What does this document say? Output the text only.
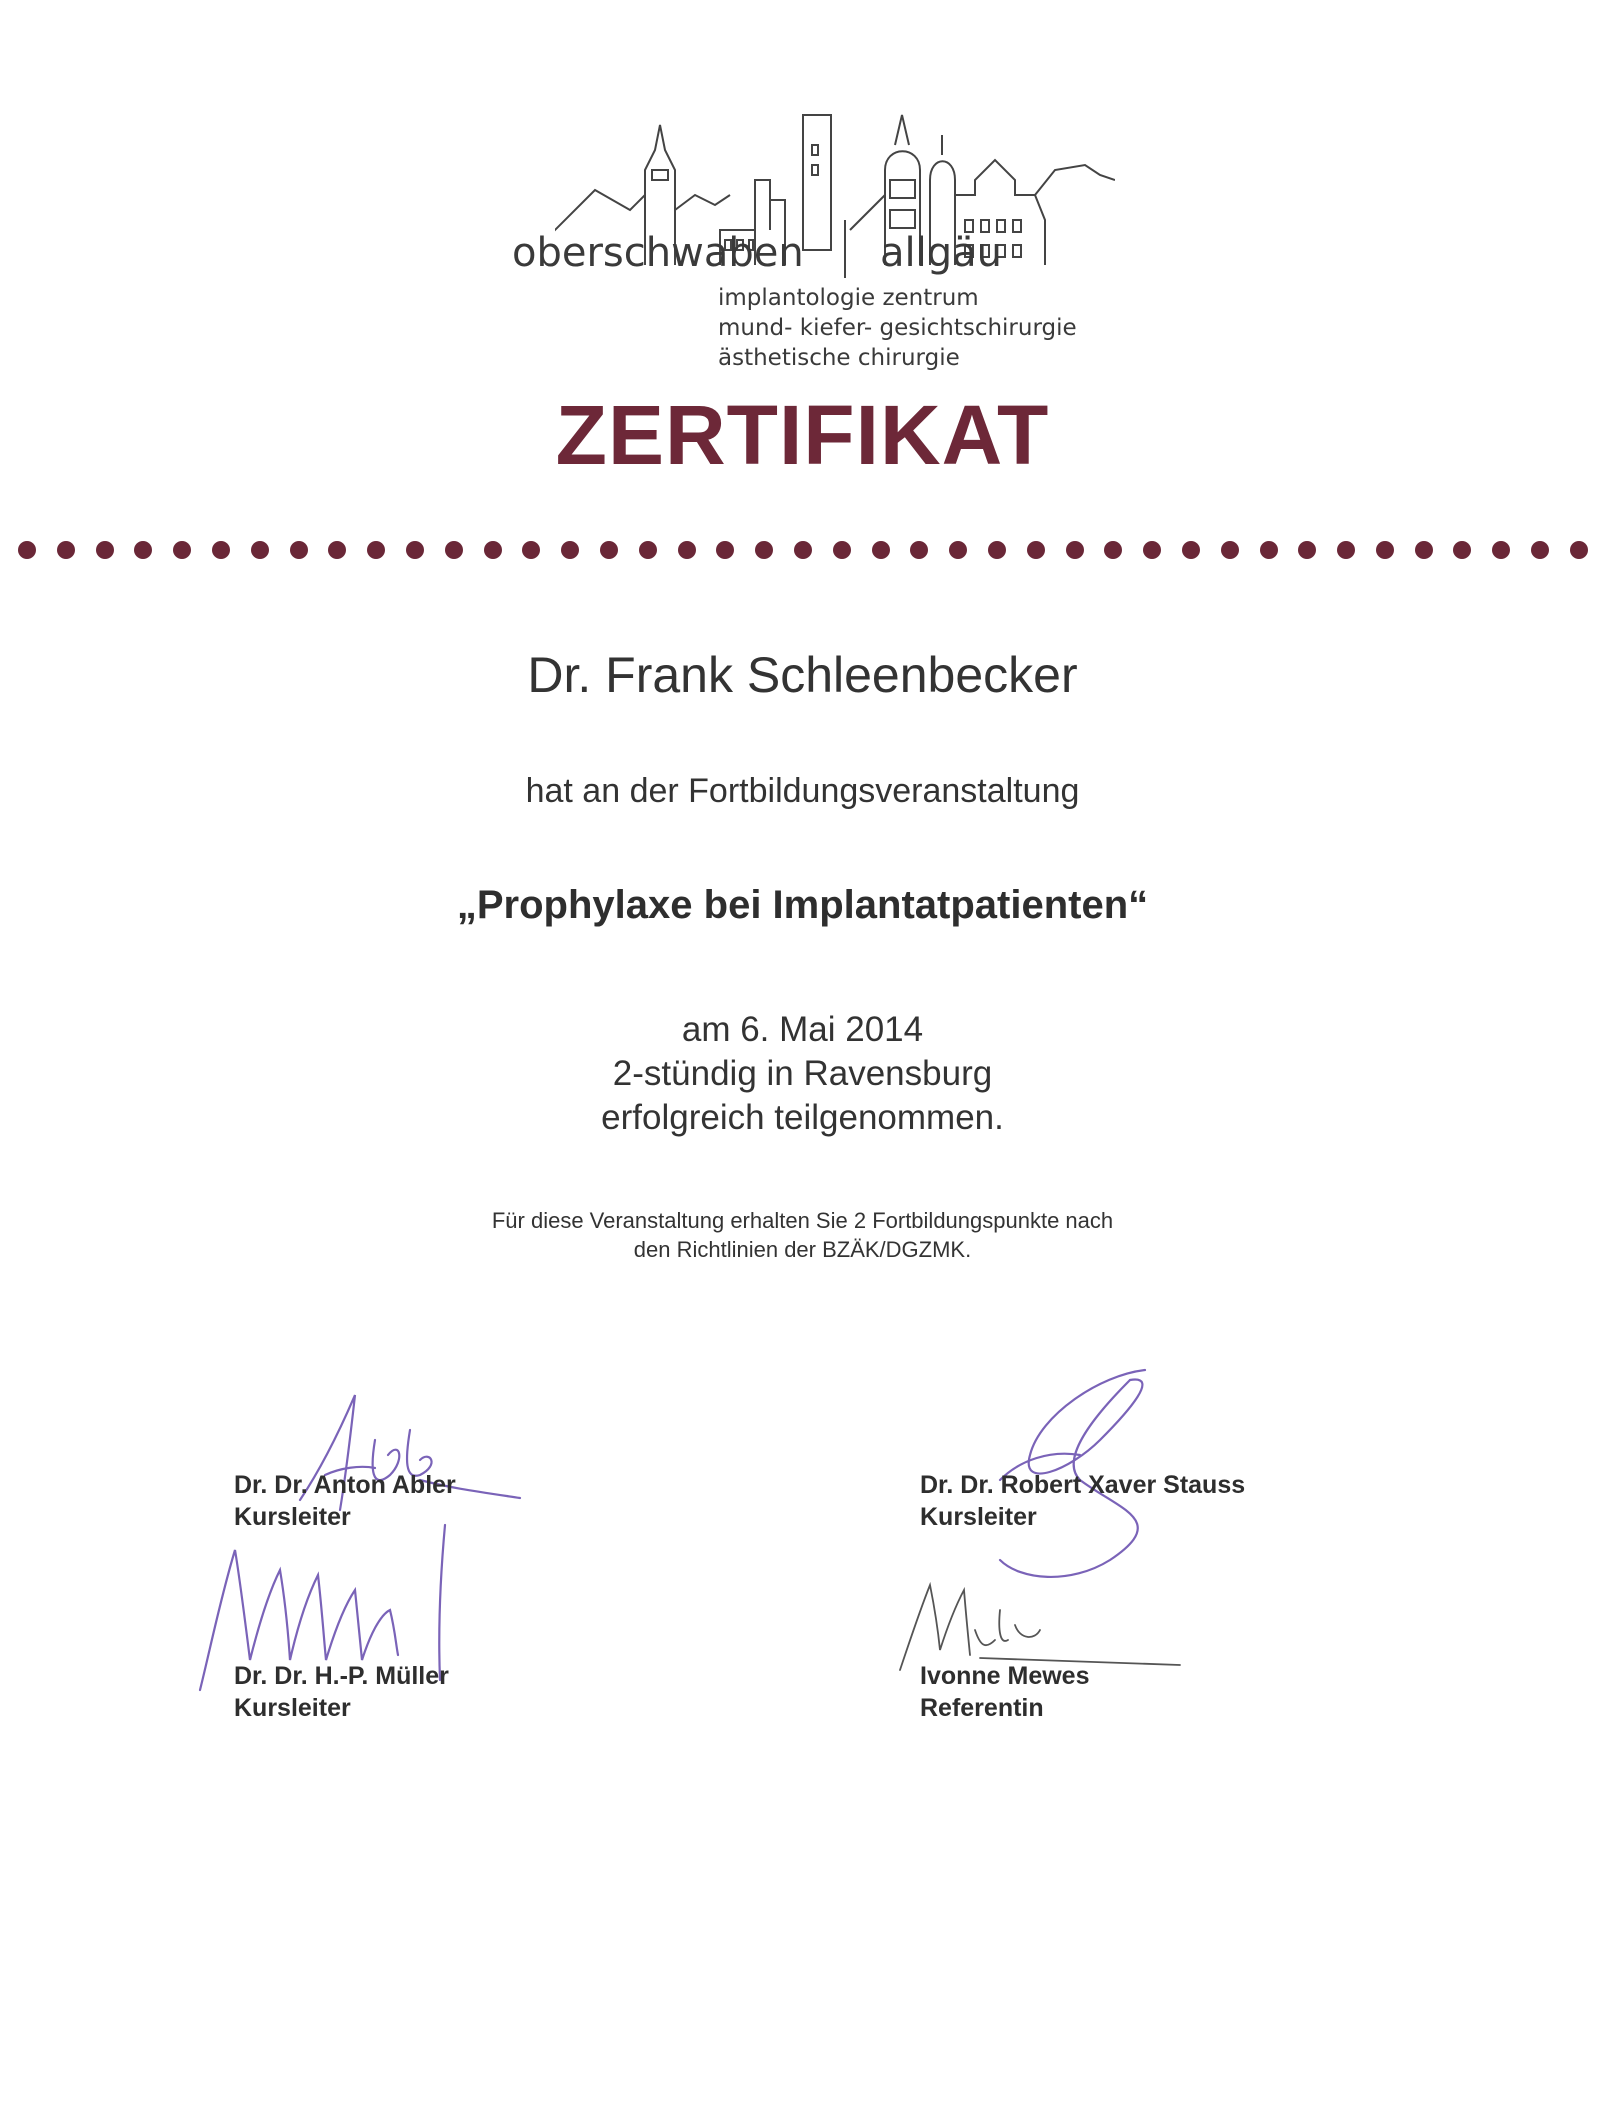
oberschwaben allgäu
implantologie zentrum
mund- kiefer- gesichtschirurgie
ästhetische chirurgie
ZERTIFIKAT
Dr. Frank Schleenbecker
hat an der Fortbildungsveranstaltung
„Prophylaxe bei Implantatpatienten“
am 6. Mai 2014
2-stündig in Ravensburg
erfolgreich teilgenommen.
Für diese Veranstaltung erhalten Sie 2 Fortbildungspunkte nach
den Richtlinien der BZÄK/DGZMK.
Dr. Dr. Anton Abler
Kursleiter
Dr. Dr. H.-P. Müller
Kursleiter
Dr. Dr. Robert Xaver Stauss
Kursleiter
Ivonne Mewes
Referentin
